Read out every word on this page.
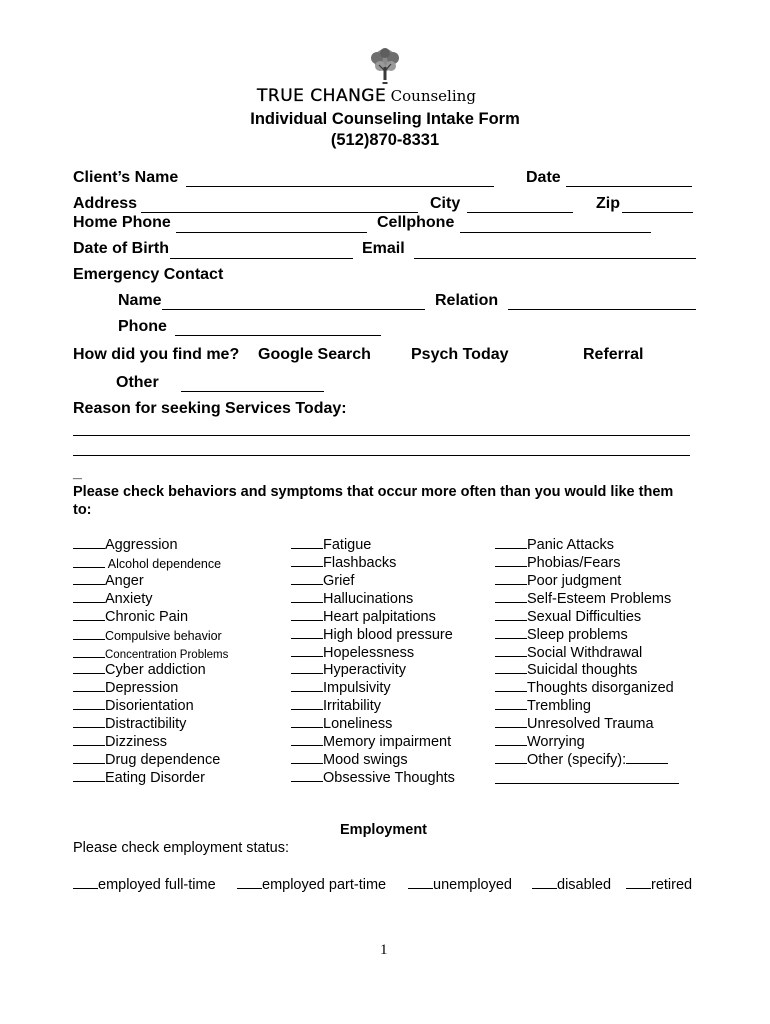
TRUE CHANGE Counseling
Individual Counseling Intake Form
(512)870-8331
Client’s Name	Date
Address	City	Zip
Home Phone	Cellphone
Date of Birth	Email
Emergency Contact
Name	Relation
Phone
How did you find me? Google Search	Psych Today	Referral
Other
Reason for seeking Services Today:
_
Please check behaviors and symptoms that occur more often than you would like them
to:
Aggression
Alcohol dependence
Anger
Anxiety
Chronic Pain
Compulsive behavior
Concentration Problems
Cyber addiction
Depression
Disorientation
Distractibility
Dizziness
Drug dependence
Eating Disorder
Fatigue
Flashbacks
Grief
Hallucinations
Heart palpitations
High blood pressure
Hopelessness
Hyperactivity
Impulsivity
Irritability
Loneliness
Memory impairment
Mood swings
Obsessive Thoughts
Panic Attacks
Phobias/Fears
Poor judgment
Self-Esteem Problems
Sexual Difficulties
Sleep problems
Social Withdrawal
Suicidal thoughts
Thoughts disorganized
Trembling
Unresolved Trauma
Worrying
Other (specify):
Employment
Please check employment status:
employed full-time	employed part-time	unemployed	disabled	retired
1
